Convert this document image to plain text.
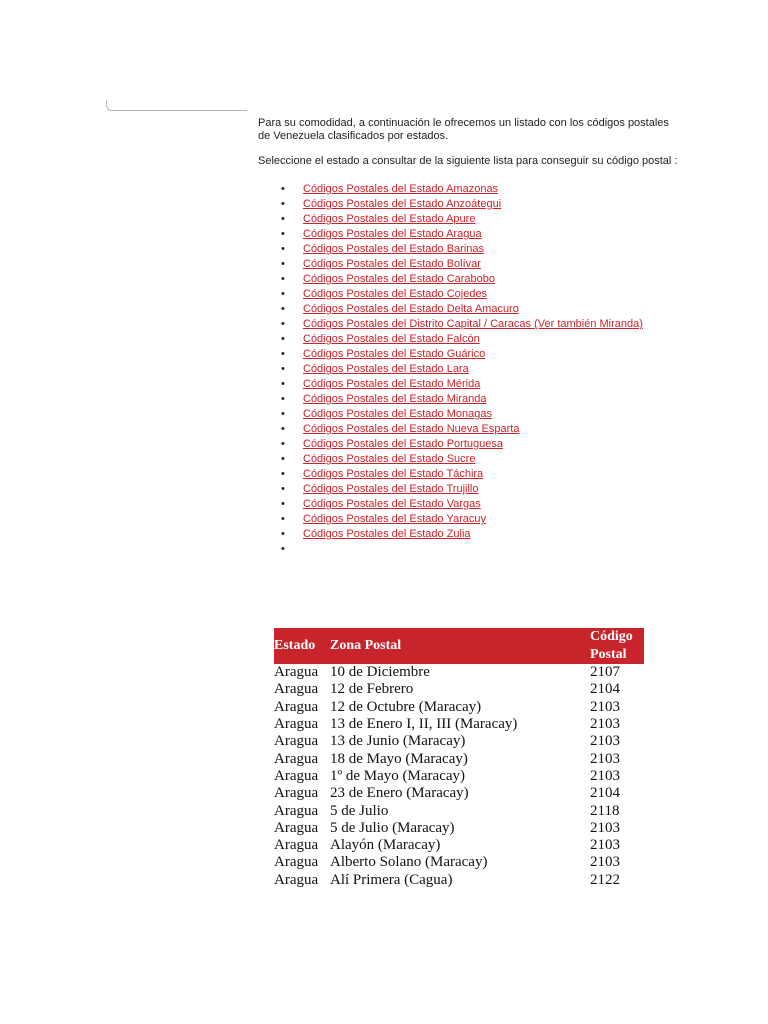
Para su comodidad, a continuación le ofrecemos un listado con los códigos postales de Venezuela clasificados por estados.

Seleccione el estado a consultar de la siguiente lista para conseguir su código postal :

• Códigos Postales del Estado Amazonas
• Códigos Postales del Estado Anzoátegui
• Códigos Postales del Estado Apure
• Códigos Postales del Estado Aragua
• Códigos Postales del Estado Barinas
• Códigos Postales del Estado Bolívar
• Códigos Postales del Estado Carabobo
• Códigos Postales del Estado Cojedes
• Códigos Postales del Estado Delta Amacuro
• Códigos Postales del Distrito Capital / Caracas (Ver también Miranda)
• Códigos Postales del Estado Falcón
• Códigos Postales del Estado Guárico
• Códigos Postales del Estado Lara
• Códigos Postales del Estado Mérida
• Códigos Postales del Estado Miranda
• Códigos Postales del Estado Monagas
• Códigos Postales del Estado Nueva Esparta
• Códigos Postales del Estado Portuguesa
• Códigos Postales del Estado Sucre
• Códigos Postales del Estado Táchira
• Códigos Postales del Estado Trujillo
• Códigos Postales del Estado Vargas
• Códigos Postales del Estado Yaracuy
• Códigos Postales del Estado Zulia
•
Estado	Zona Postal	Código Postal
Aragua	10 de Diciembre	2107
Aragua	12 de Febrero	2104
Aragua	12 de Octubre (Maracay)	2103
Aragua	13 de Enero I, II, III (Maracay)	2103
Aragua	13 de Junio (Maracay)	2103
Aragua	18 de Mayo (Maracay)	2103
Aragua	1º de Mayo (Maracay)	2103
Aragua	23 de Enero (Maracay)	2104
Aragua	5 de Julio	2118
Aragua	5 de Julio (Maracay)	2103
Aragua	Alayón (Maracay)	2103
Aragua	Alberto Solano (Maracay)	2103
Aragua	Alí Primera (Cagua)	2122
